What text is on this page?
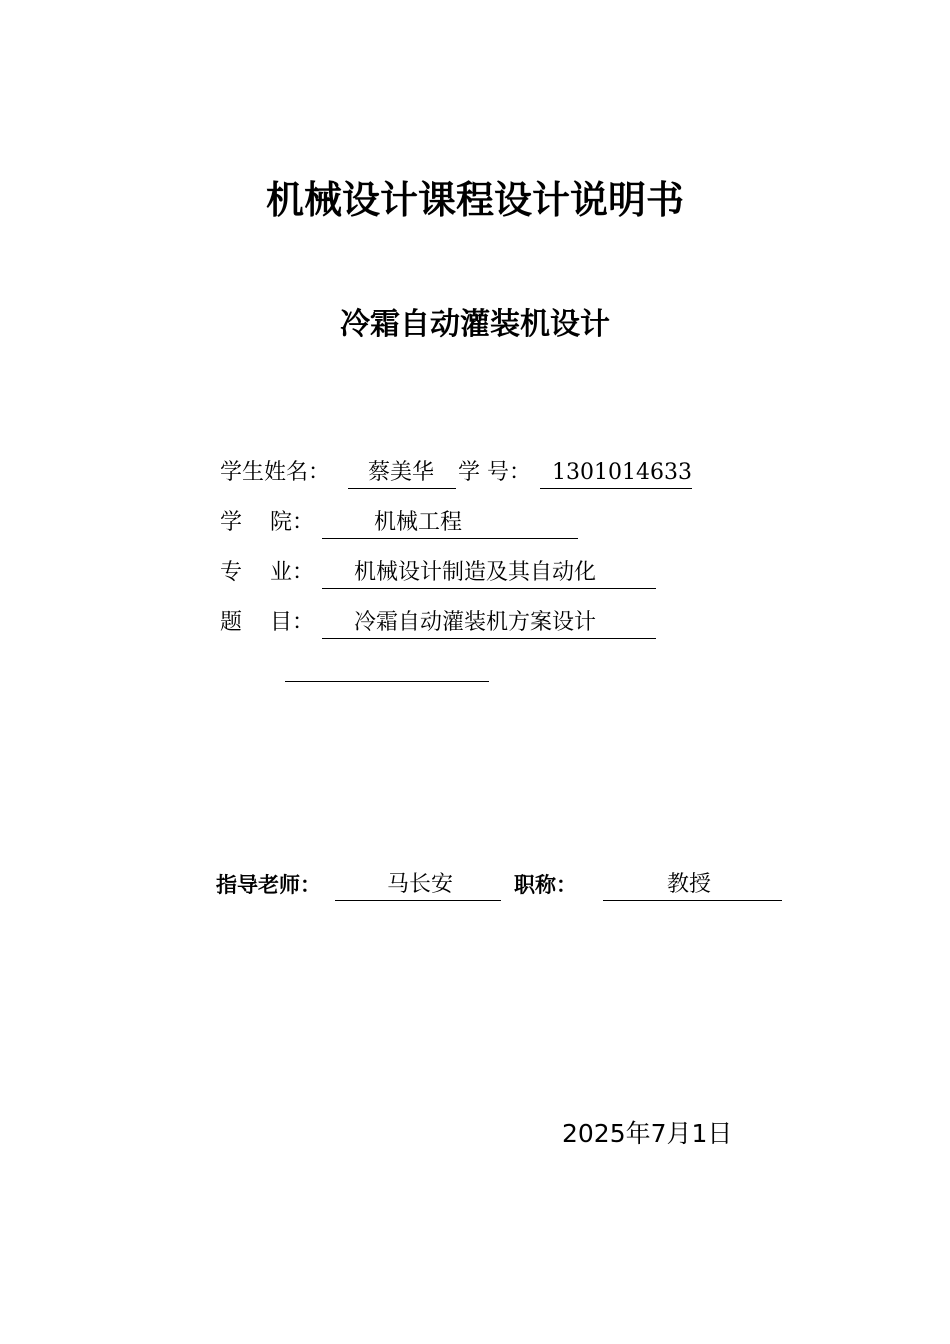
机械设计课程设计说明书
冷霜自动灌装机设计
学生姓名： 蔡美华 学 号： 1301014633
学    院：	机械工程
专    业： 机械设计制造及其自动化
题    目： 冷霜自动灌装机方案设计
指导老师：	马长安	职称：	教授
2025年7月1日
